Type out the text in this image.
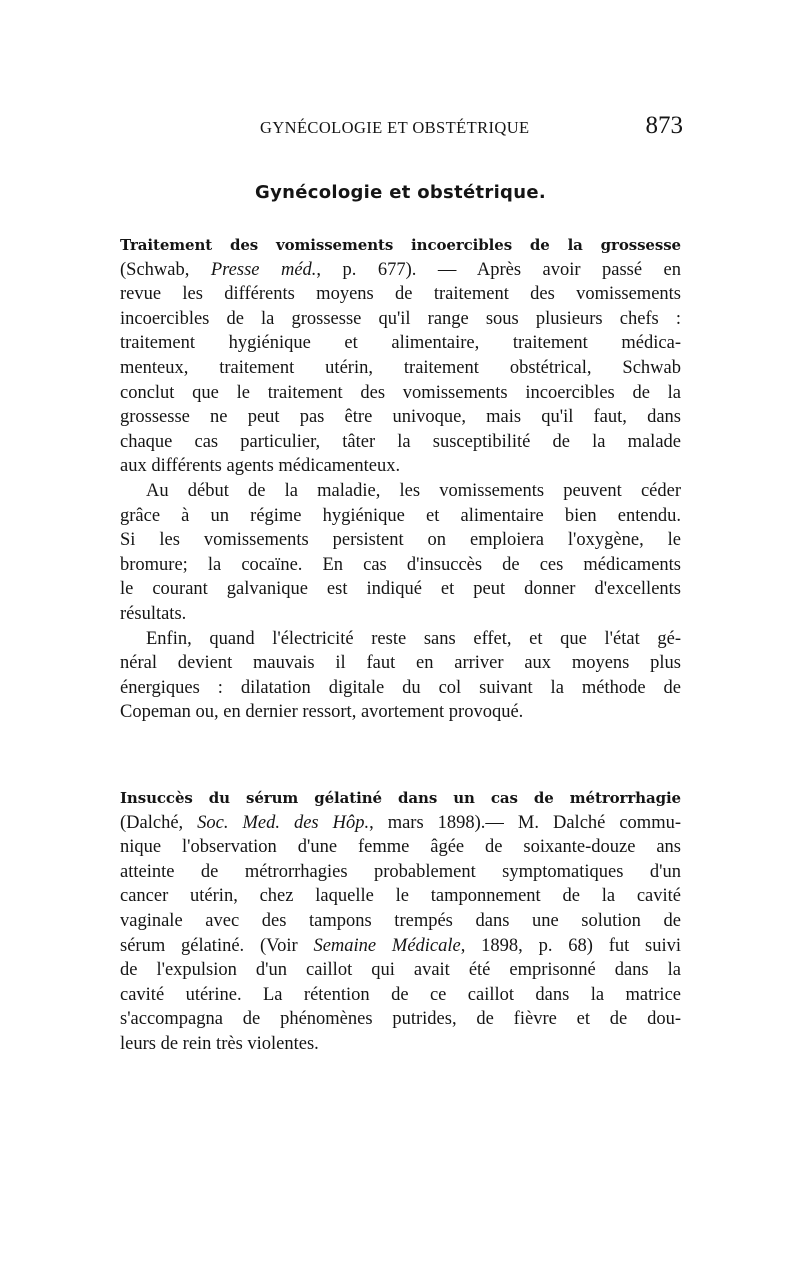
GYNÉCOLOGIE ET OBSTÉTRIQUE	873
Gynécologie et obstétrique.
Traitement des vomissements incoercibles de la grossesse
(Schwab, Presse méd., p. 677). — Après avoir passé en
revue les différents moyens de traitement des vomissements
incoercibles de la grossesse qu'il range sous plusieurs chefs :
traitement hygiénique et alimentaire, traitement médica-
menteux, traitement utérin, traitement obstétrical, Schwab
conclut que le traitement des vomissements incoercibles de la
grossesse ne peut pas être univoque, mais qu'il faut, dans
chaque cas particulier, tâter la susceptibilité de la malade
aux différents agents médicamenteux.
Au début de la maladie, les vomissements peuvent céder
grâce à un régime hygiénique et alimentaire bien entendu.
Si les vomissements persistent on emploiera l'oxygène, le
bromure; la cocaïne. En cas d'insuccès de ces médicaments
le courant galvanique est indiqué et peut donner d'excellents
résultats.
Enfin, quand l'électricité reste sans effet, et que l'état gé-
néral devient mauvais il faut en arriver aux moyens plus
énergiques : dilatation digitale du col suivant la méthode de
Copeman ou, en dernier ressort, avortement provoqué.
Insuccès du sérum gélatiné dans un cas de métrorrhagie
(Dalché, Soc. Med. des Hôp., mars 1898).— M. Dalché commu-
nique l'observation d'une femme âgée de soixante-douze ans
atteinte de métrorrhagies probablement symptomatiques d'un
cancer utérin, chez laquelle le tamponnement de la cavité
vaginale avec des tampons trempés dans une solution de
sérum gélatiné. (Voir Semaine Médicale, 1898, p. 68) fut suivi
de l'expulsion d'un caillot qui avait été emprisonné dans la
cavité utérine. La rétention de ce caillot dans la matrice
s'accompagna de phénomènes putrides, de fièvre et de dou-
leurs de rein très violentes.
